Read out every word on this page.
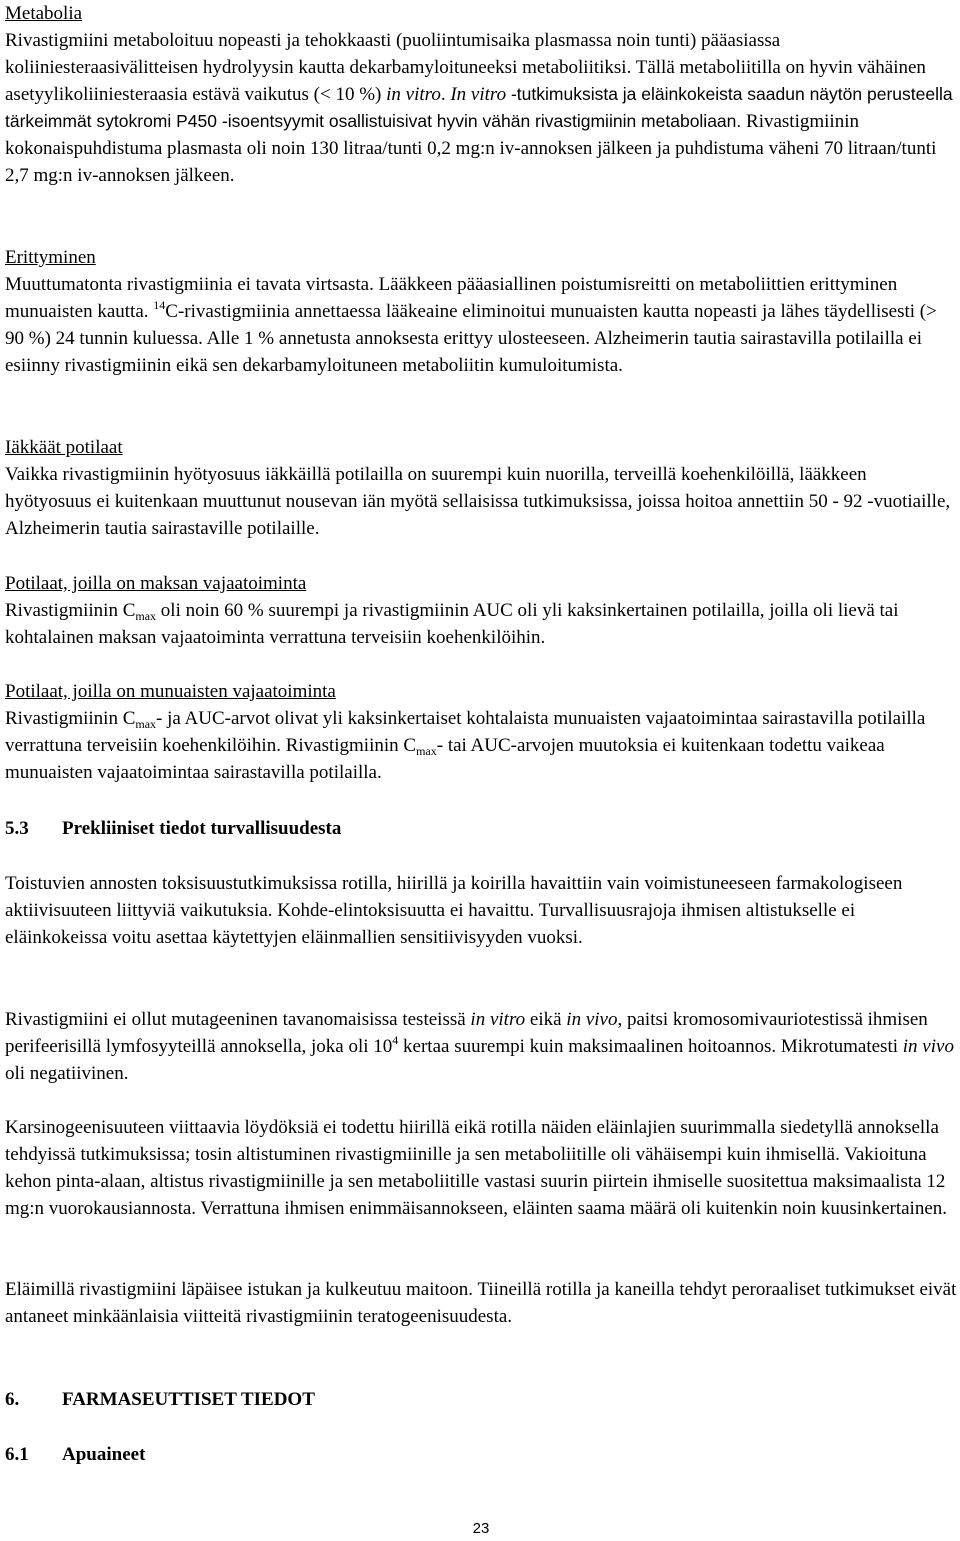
Metabolia
Rivastigmiini metaboloituu nopeasti ja tehokkaasti (puoliintumisaika plasmassa noin tunti) pääasiassa koliiniesteraasivälitteisen hydrolyysin kautta dekarbamyloituneeksi metaboliitiksi. Tällä metaboliitilla on hyvin vähäinen asetyylikoliiniesteraasia estävä vaikutus (< 10 %) in vitro. In vitro -tutkimuksista ja eläinkokeista saadun näytön perusteella tärkeimmät sytokromi P450 -isoentsyymit osallistuisivat hyvin vähän rivastigmiinin metaboliaan. Rivastigmiinin kokonaispuhdistuma plasmasta oli noin 130 litraa/tunti 0,2 mg:n iv-annoksen jälkeen ja puhdistuma väheni 70 litraan/tunti 2,7 mg:n iv-annoksen jälkeen.
Erittyminen
Muuttumatonta rivastigmiinia ei tavata virtsasta. Lääkkeen pääasiallinen poistumisreitti on metaboliittien erittyminen munuaisten kautta. $^{14}$C-rivastigmiinia annettaessa lääkeaine eliminoitui munuaisten kautta nopeasti ja lähes täydellisesti (> 90 %) 24 tunnin kuluessa. Alle 1 % annetusta annoksesta erittyy ulosteeseen. Alzheimerin tautia sairastavilla potilailla ei esiinny rivastigmiinin eikä sen dekarbamyloituneen metaboliitin kumuloitumista.
Iäkkäät potilaat
Vaikka rivastigmiinin hyötyosuus iäkkäillä potilailla on suurempi kuin nuorilla, terveillä koehenkilöillä, lääkkeen hyötyosuus ei kuitenkaan muuttunut nousevan iän myötä sellaisissa tutkimuksissa, joissa hoitoa annettiin 50 - 92 -vuotiaille, Alzheimerin tautia sairastaville potilaille.
Potilaat, joilla on maksan vajaatoiminta
Rivastigmiinin $C_{max}$ oli noin 60 % suurempi ja rivastigmiinin AUC oli yli kaksinkertainen potilailla, joilla oli lievä tai kohtalainen maksan vajaatoiminta verrattuna terveisiin koehenkilöihin.
Potilaat, joilla on munuaisten vajaatoiminta
Rivastigmiinin $C_{max}-$ ja AUC-arvot olivat yli kaksinkertaiset kohtalaista munuaisten vajaatoimintaa sairastavilla potilailla verrattuna terveisiin koehenkilöihin. Rivastigmiinin $C_{max}-$ tai AUC-arvojen muutoksia ei kuitenkaan todettu vaikeaa munuaisten vajaatoimintaa sairastavilla potilailla.
5.3 Prekliiniset tiedot turvallisuudesta
Toistuvien annosten toksisuustutkimuksissa rotilla, hiirillä ja koirilla havaittiin vain voimistuneeseen farmakologiseen aktiivisuuteen liittyviä vaikutuksia. Kohde-elintoksisuutta ei havaittu. Turvallisuusrajoja ihmisen altistukselle ei eläinkokeissa voitu asettaa käytettyjen eläinmallien sensitiivisyyden vuoksi.
Rivastigmiini ei ollut mutageeninen tavanomaisissa testeissä in vitro eikä in vivo, paitsi kromosomivauriotestissä ihmisen perifeerisillä lymfosyyteillä annoksella, joka oli $10^4$ kertaa suurempi kuin maksimaalinen hoitoannos. Mikrotumatesti in vivo oli negatiivinen.
Karsinogeenisuuteen viittaavia löydöksiä ei todettu hiirillä eikä rotilla näiden eläinlajien suurimmalla siedetyllä annoksella tehdyissä tutkimuksissa; tosin altistuminen rivastigmiinille ja sen metaboliitille oli vähäisempi kuin ihmisellä. Vakioituna kehon pinta-alaan, altistus rivastigmiinille ja sen metaboliitille vastasi suurin piirtein ihmiselle suositettua maksimaalista 12 mg:n vuorokausiannosta. Verrattuna ihmisen enimmäisannokseen, eläinten saama määrä oli kuitenkin noin kuusinkertainen.
Eläimillä rivastigmiini läpäisee istukan ja kulkeutuu maitoon. Tiineillä rotilla ja kaneilla tehdyt peroraaliset tutkimukset eivät antaneet minkäänlaisia viitteitä rivastigmiinin teratogeenisuudesta.
6. FARMASEUTTISET TIEDOT
6.1 Apuaineet
23
